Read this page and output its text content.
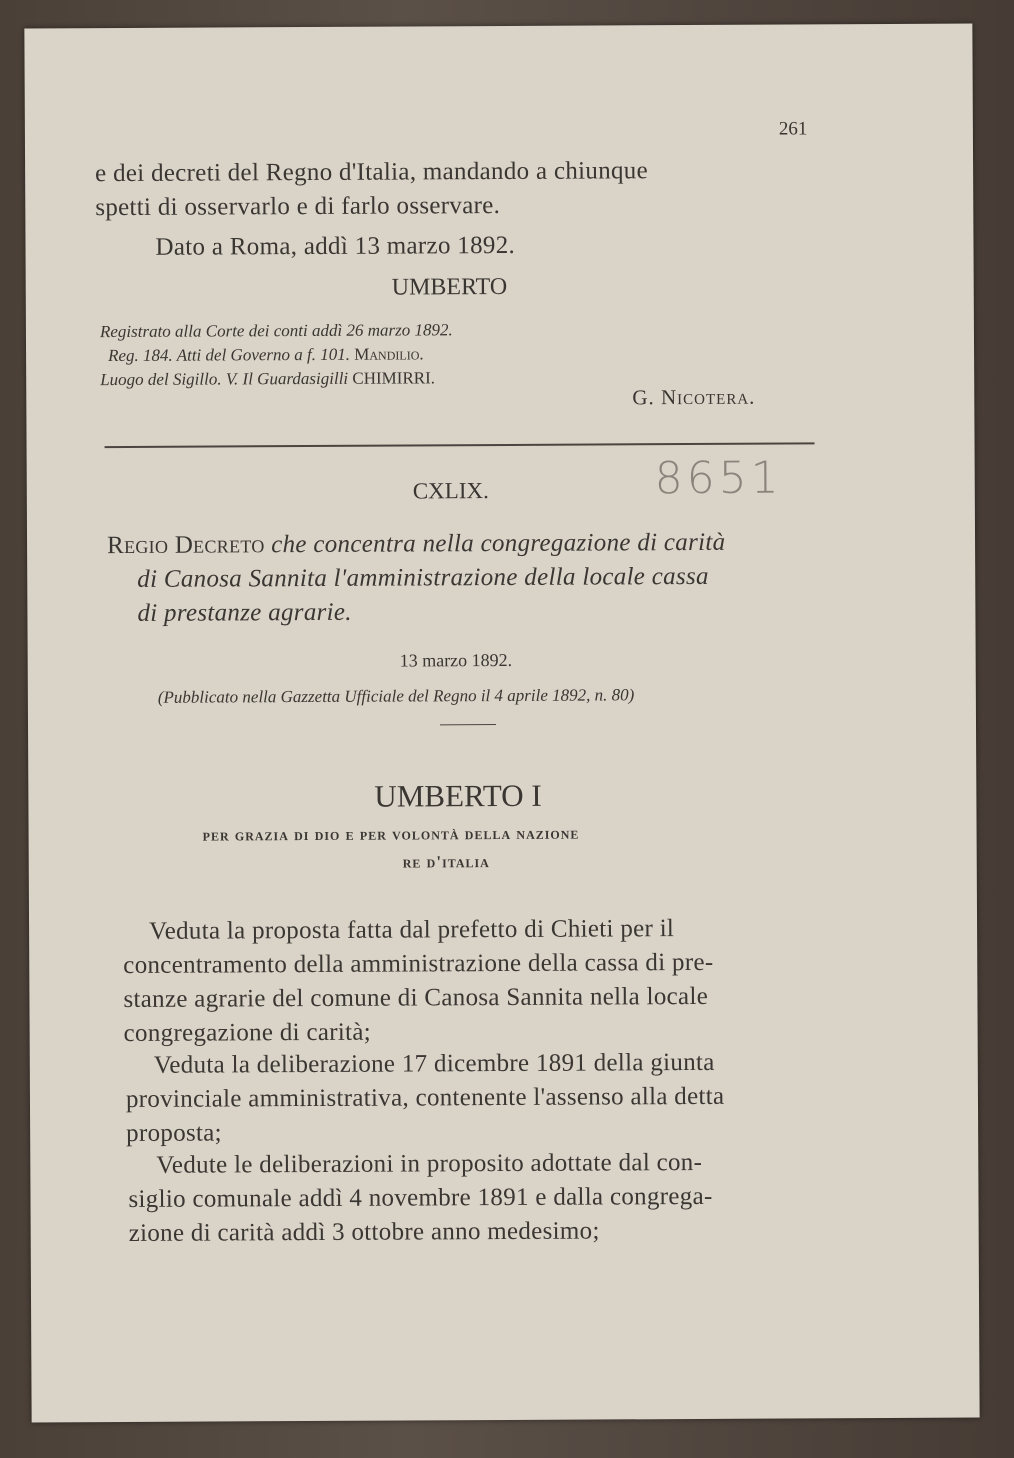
261
e dei decreti del Regno d'Italia, mandando a chiunque
spetti di osservarlo e di farlo osservare.
Dato a Roma, addì 13 marzo 1892.
UMBERTO
Registrato alla Corte dei conti addì 26 marzo 1892.
Reg. 184. Atti del Governo a f. 101. Mandilio.
Luogo del Sigillo. V. Il Guardasigilli CHIMIRRI.
G. Nicotera.
CXLIX.	8651
Regio Decreto che concentra nella congregazione di carità
di Canosa Sannita l'amministrazione della locale cassa
di prestanze agrarie.
13 marzo 1892.
(Pubblicato nella Gazzetta Ufficiale del Regno il 4 aprile 1892, n. 80)
UMBERTO I
per grazia di dio e per volontà della nazione
re d'italia
Veduta la proposta fatta dal prefetto di Chieti per il
concentramento della amministrazione della cassa di pre-
stanze agrarie del comune di Canosa Sannita nella locale
congregazione di carità;
Veduta la deliberazione 17 dicembre 1891 della giunta
provinciale amministrativa, contenente l'assenso alla detta
proposta;
Vedute le deliberazioni in proposito adottate dal con-
siglio comunale addì 4 novembre 1891 e dalla congrega-
zione di carità addì 3 ottobre anno medesimo;
